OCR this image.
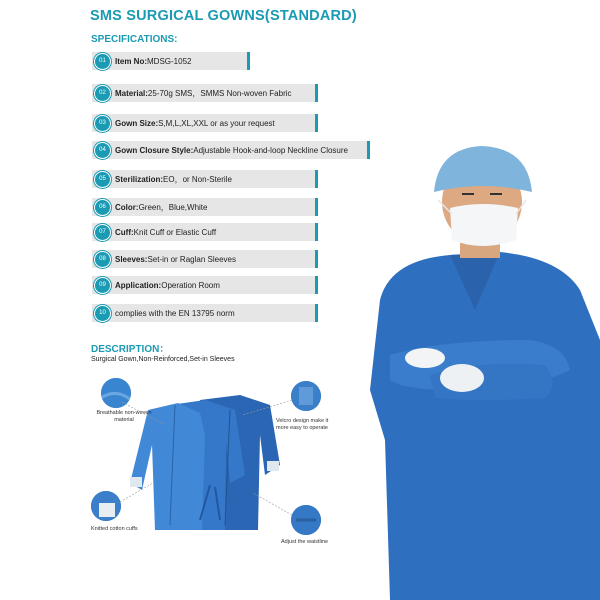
SMS SURGICAL GOWNS(STANDARD)
SPECIFICATIONS:
01	Item No:MDSG-1052
02	Material:25-70g SMS，SMMS Non-woven Fabric
03	Gown Size:S,M,L,XL,XXL or as your request
04	Gown Closure Style:Adjustable Hook-and-loop Neckline Closure
05	Sterilization:EO，or Non-Sterile
06	Color:Green，Blue,White
07	Cuff:Knit Cuff or Elastic Cuff
08	Sleeves:Set-in or Raglan Sleeves
09	Application:Operation Room
10	complies with the EN 13795 norm
DESCRIPTION：
Surgical Gown,Non-Reinforced,Set-in Sleeves
Breathable non-woven material	Velcro design make it more easy to operate
Knitted cotton cuffs
Adjust the waistline
